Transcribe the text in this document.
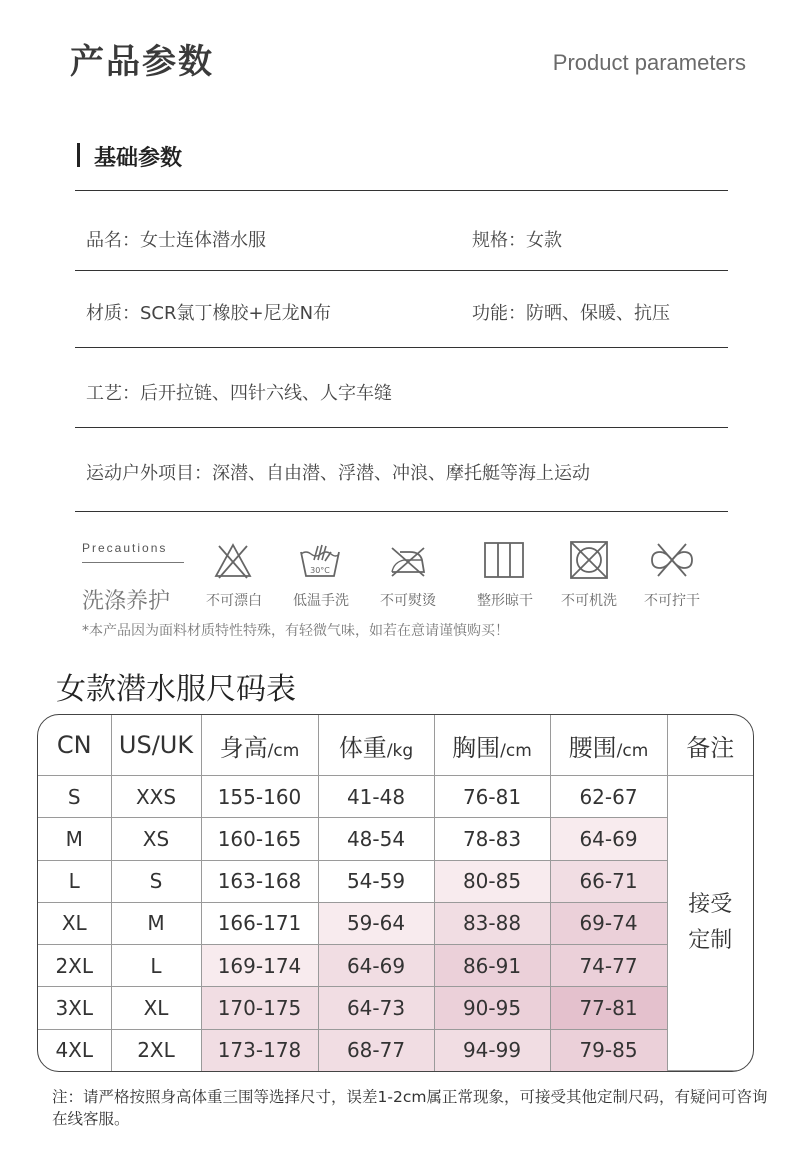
产品参数	Product parameters
基础参数
品名：女士连体潜水服	规格：女款
材质：SCR氯丁橡胶+尼龙N布	功能：防晒、保暖、抗压
工艺：后开拉链、四针六线、人字车缝
运动户外项目：深潜、自由潜、浮潜、冲浪、摩托艇等海上运动
Precautions
洗涤养护	不可漂白
30°C
低温手洗	不可熨烫	整形晾干	不可机洗	不可拧干
*本产品因为面料材质特性特殊，有轻微气味，如若在意请谨慎购买！
女款潜水服尺码表
CN	US/UK	身高/cm	体重/kg	胸围/cm	腰围/cm	备注
S	XXS	155-160	41-48	76-81	62-67	接受
定制
M	XS	160-165	48-54	78-83	64-69	
L	S	163-168	54-59	80-85	66-71	
XL	M	166-171	59-64	83-88	69-74	
2XL	L	169-174	64-69	86-91	74-77	
3XL	XL	170-175	64-73	90-95	77-81	
4XL	2XL	173-178	68-77	94-99	79-85	
注：请严格按照身高体重三围等选择尺寸，误差1-2cm属正常现象，可接受其他定制尺码，有疑问可咨询在线客服。
